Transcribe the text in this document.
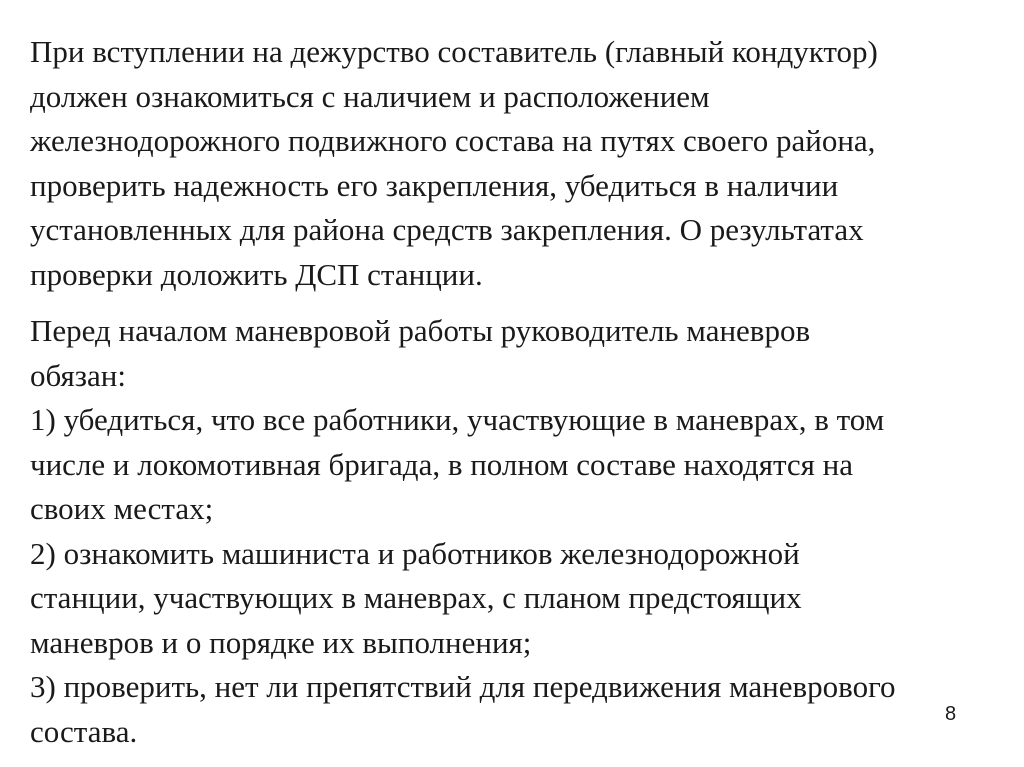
При вступлении на дежурство составитель (главный кондуктор)
должен ознакомиться с наличием и расположением
железнодорожного подвижного состава на путях своего района,
проверить надежность его закрепления, убедиться в наличии
установленных для района средств закрепления. О результатах
проверки доложить ДСП станции.
Перед началом маневровой работы руководитель маневров
обязан:
1) убедиться, что все работники, участвующие в маневрах, в том
числе и локомотивная бригада, в полном составе находятся на
своих местах;
2) ознакомить машиниста и работников железнодорожной
станции, участвующих в маневрах, с планом предстоящих
маневров и о порядке их выполнения;
3) проверить, нет ли препятствий для передвижения маневрового
состава.	8
